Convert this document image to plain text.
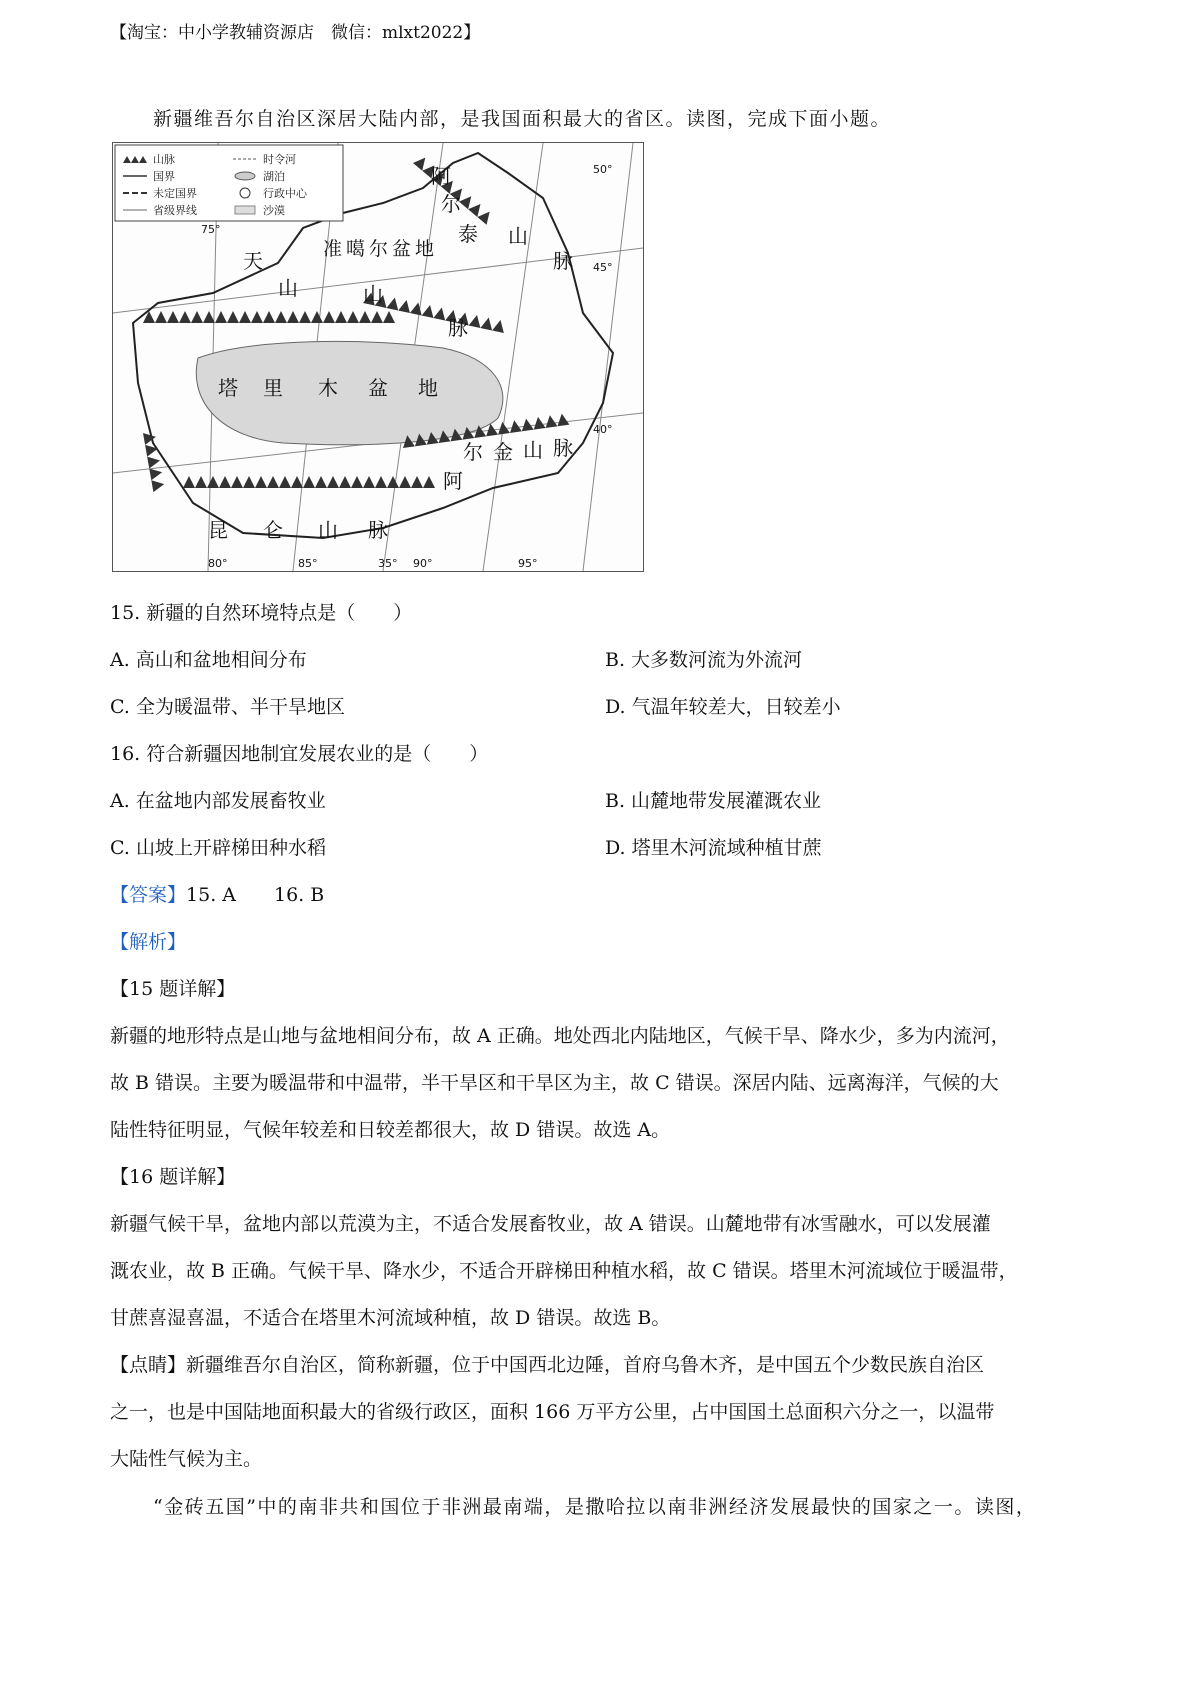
【淘宝：中小学教辅资源店　微信：mlxt2022】
新疆维吾尔自治区深居大陆内部，是我国面积最大的省区。读图，完成下面小题。
山脉
国界
未定国界
省级界线
时令河
湖泊
行政中心
沙漠
阿
尔
泰 山
脉
准噶尔盆地
天
山	山
脉
塔 里 木 盆 地
阿
尔 金 山 脉
昆 仑 山 脉
50°
45°
40°
75°
80°	85°	35° 90°	95°
15. 新疆的自然环境特点是（　　）
A. 高山和盆地相间分布	B. 大多数河流为外流河
C. 全为暖温带、半干旱地区	D. 气温年较差大，日较差小
16. 符合新疆因地制宜发展农业的是（　　）
A. 在盆地内部发展畜牧业	B. 山麓地带发展灌溉农业
C. 山坡上开辟梯田种水稻	D. 塔里木河流域种植甘蔗
【答案】15. A　　16. B
【解析】
【15 题详解】
新疆的地形特点是山地与盆地相间分布，故 A 正确。地处西北内陆地区，气候干旱、降水少，多为内流河，
故 B 错误。主要为暖温带和中温带，半干旱区和干旱区为主，故 C 错误。深居内陆、远离海洋，气候的大
陆性特征明显，气候年较差和日较差都很大，故 D 错误。故选 A。
【16 题详解】
新疆气候干旱，盆地内部以荒漠为主，不适合发展畜牧业，故 A 错误。山麓地带有冰雪融水，可以发展灌
溉农业，故 B 正确。气候干旱、降水少，不适合开辟梯田种植水稻，故 C 错误。塔里木河流域位于暖温带，
甘蔗喜湿喜温，不适合在塔里木河流域种植，故 D 错误。故选 B。
【点睛】新疆维吾尔自治区，简称新疆，位于中国西北边陲，首府乌鲁木齐，是中国五个少数民族自治区
之一，也是中国陆地面积最大的省级行政区，面积 166 万平方公里，占中国国土总面积六分之一，以温带
大陆性气候为主。
“金砖五国”中的南非共和国位于非洲最南端，是撒哈拉以南非洲经济发展最快的国家之一。读图，
